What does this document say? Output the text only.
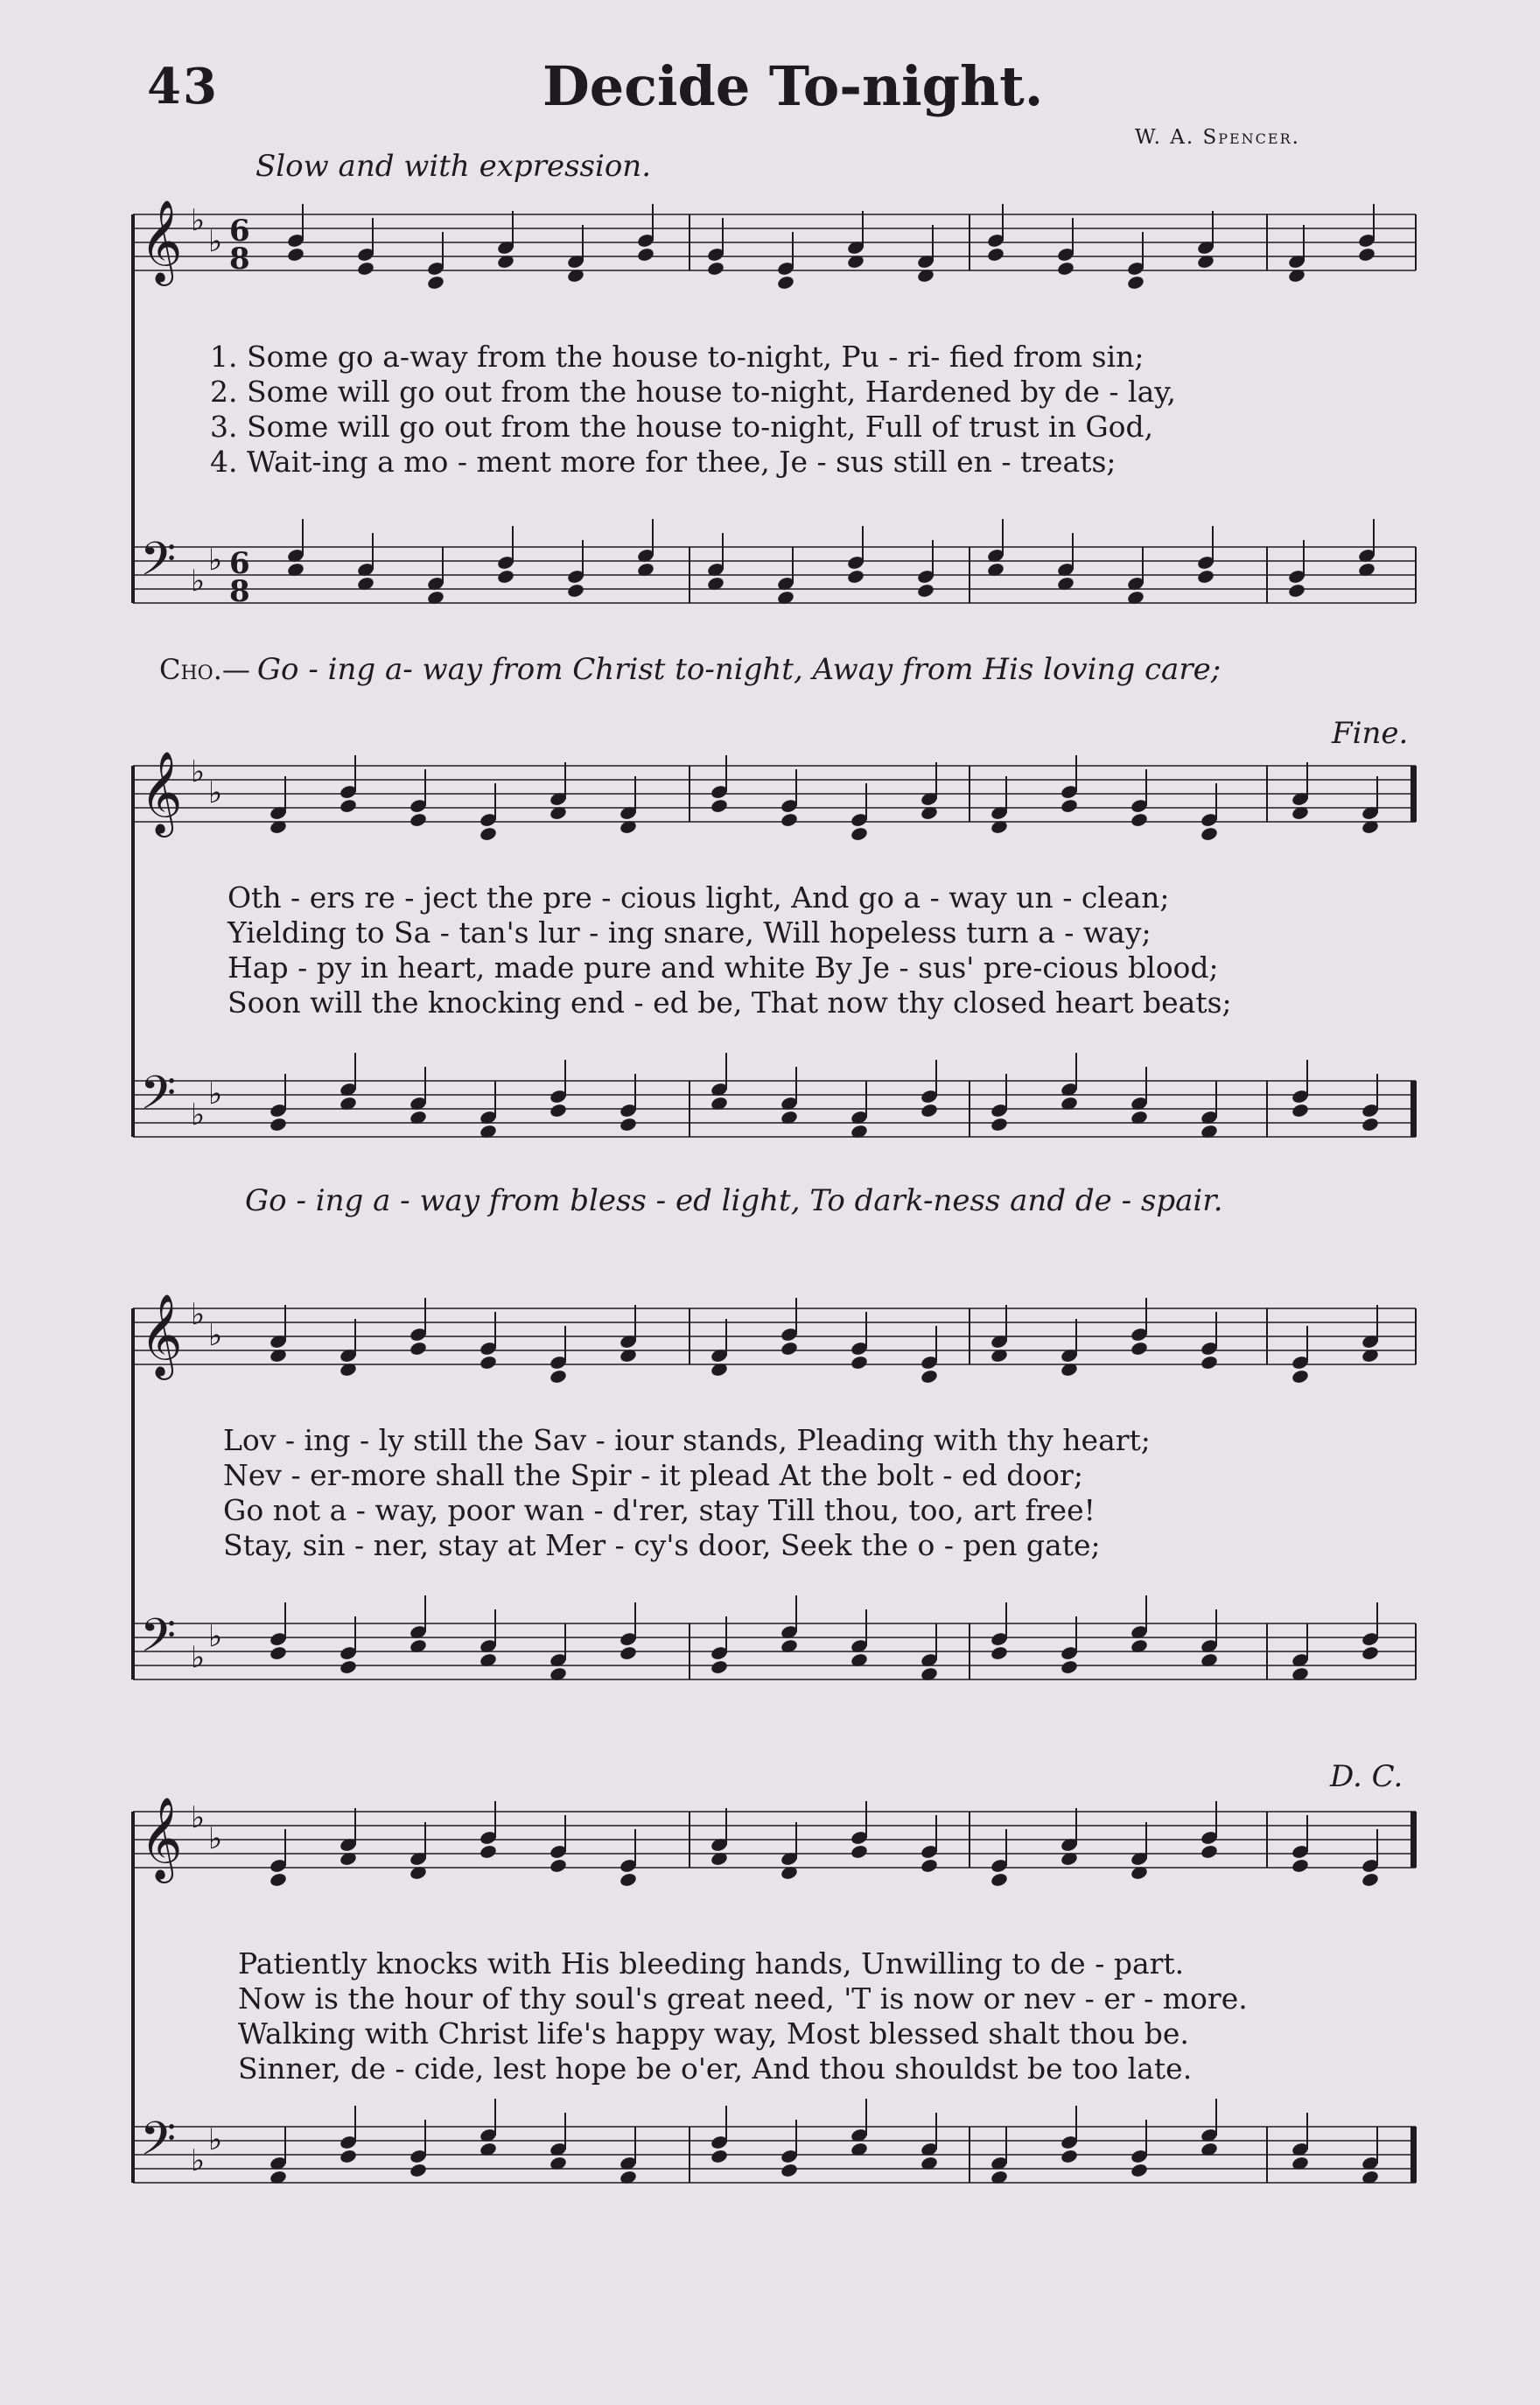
43	Decide To-night.
W. A. Spencer.
Slow and with expression.
𝄞 ♭
♭ 6
8
𝄢 ♭
♭ 6
8
1. Some go a-way from the house to-night, Pu - ri- fied from sin;
2. Some will go out from the house to-night, Hardened by de - lay,
3. Some will go out from the house to-night, Full of trust in God,
4. Wait-ing a mo - ment more for thee, Je - sus still en - treats;
Cho.— Go - ing a- way from Christ to-night, Away from His loving care;
Fine.
𝄞 ♭
♭
𝄢 ♭
♭
Oth - ers re - ject the pre - cious light, And go a - way un - clean;
Yielding to Sa - tan's lur - ing snare, Will hopeless turn a - way;
Hap - py in heart, made pure and white By Je - sus' pre-cious blood;
Soon will the knocking end - ed be, That now thy closed heart beats;
Go - ing a - way from bless - ed light, To dark-ness and de - spair.
𝄞 ♭
♭
𝄢 ♭
♭
Lov - ing - ly still the Sav - iour stands, Pleading with thy heart;
Nev - er-more shall the Spir - it plead At the bolt - ed door;
Go not a - way, poor wan - d'rer, stay Till thou, too, art free!
Stay, sin - ner, stay at Mer - cy's door, Seek the o - pen gate;
D. C.
𝄞 ♭
♭
𝄢 ♭
♭
Patiently knocks with His bleeding hands, Unwilling to de - part.
Now is the hour of thy soul's great need, 'T is now or nev - er - more.
Walking with Christ life's happy way, Most blessed shalt thou be.
Sinner, de - cide, lest hope be o'er, And thou shouldst be too late.
